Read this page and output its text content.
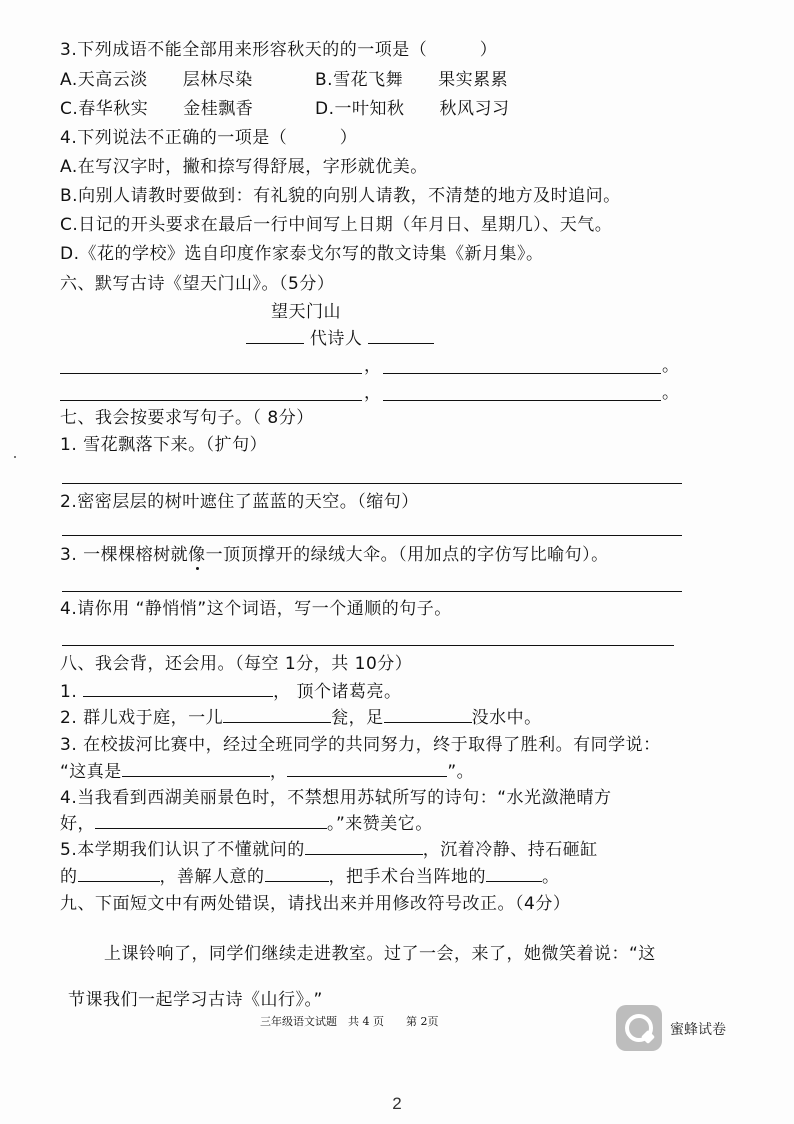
3.下列成语不能全部用来形容秋天的的一项是（　　　）
A.天高云淡　　层林尽染	B.雪花飞舞　　果实累累
C.春华秋实　　金桂飘香	D.一叶知秋　　秋风习习
4.下列说法不正确的一项是（　　　）
A.在写汉字时，撇和捺写得舒展，字形就优美。
B.向别人请教时要做到：有礼貌的向别人请教，不清楚的地方及时追问。
C.日记的开头要求在最后一行中间写上日期（年月日、星期几）、天气。
D.《花的学校》选自印度作家泰戈尔写的散文诗集《新月集》。
六、默写古诗《望天门山》。（5分）
望天门山
代诗人
，	。
，	。
七、我会按要求写句子。（ 8分）
1. 雪花飘落下来。（扩句）
2.密密层层的树叶遮住了蓝蓝的天空。（缩句）
3. 一棵棵榕树就像一顶顶撑开的绿绒大伞。（用加点的字仿写比喻句）。
4.请你用 “静悄悄”这个词语，写一个通顺的句子。
八、我会背，还会用。（每空 1分，共 10分）
1.	， 顶个诸葛亮。
2. 群儿戏于庭，一儿	瓮，足	没水中。
3. 在校拔河比赛中，经过全班同学的共同努力，终于取得了胜利。有同学说：
“这真是	，	”。
4.当我看到西湖美丽景色时，不禁想用苏轼所写的诗句：“水光潋滟晴方
好，	。”来赞美它。
5.本学期我们认识了不懂就问的	，沉着冷静、持石砸缸
的	，善解人意的	，把手术台当阵地的	。
九、下面短文中有两处错误，请找出来并用修改符号改正。（4分）
上课铃响了，同学们继续走进教室。过了一会，来了，她微笑着说：“这
节课我们一起学习古诗《山行》。”
三年级语文试题　共 4 页　　第 2页
蜜蜂试卷
2
